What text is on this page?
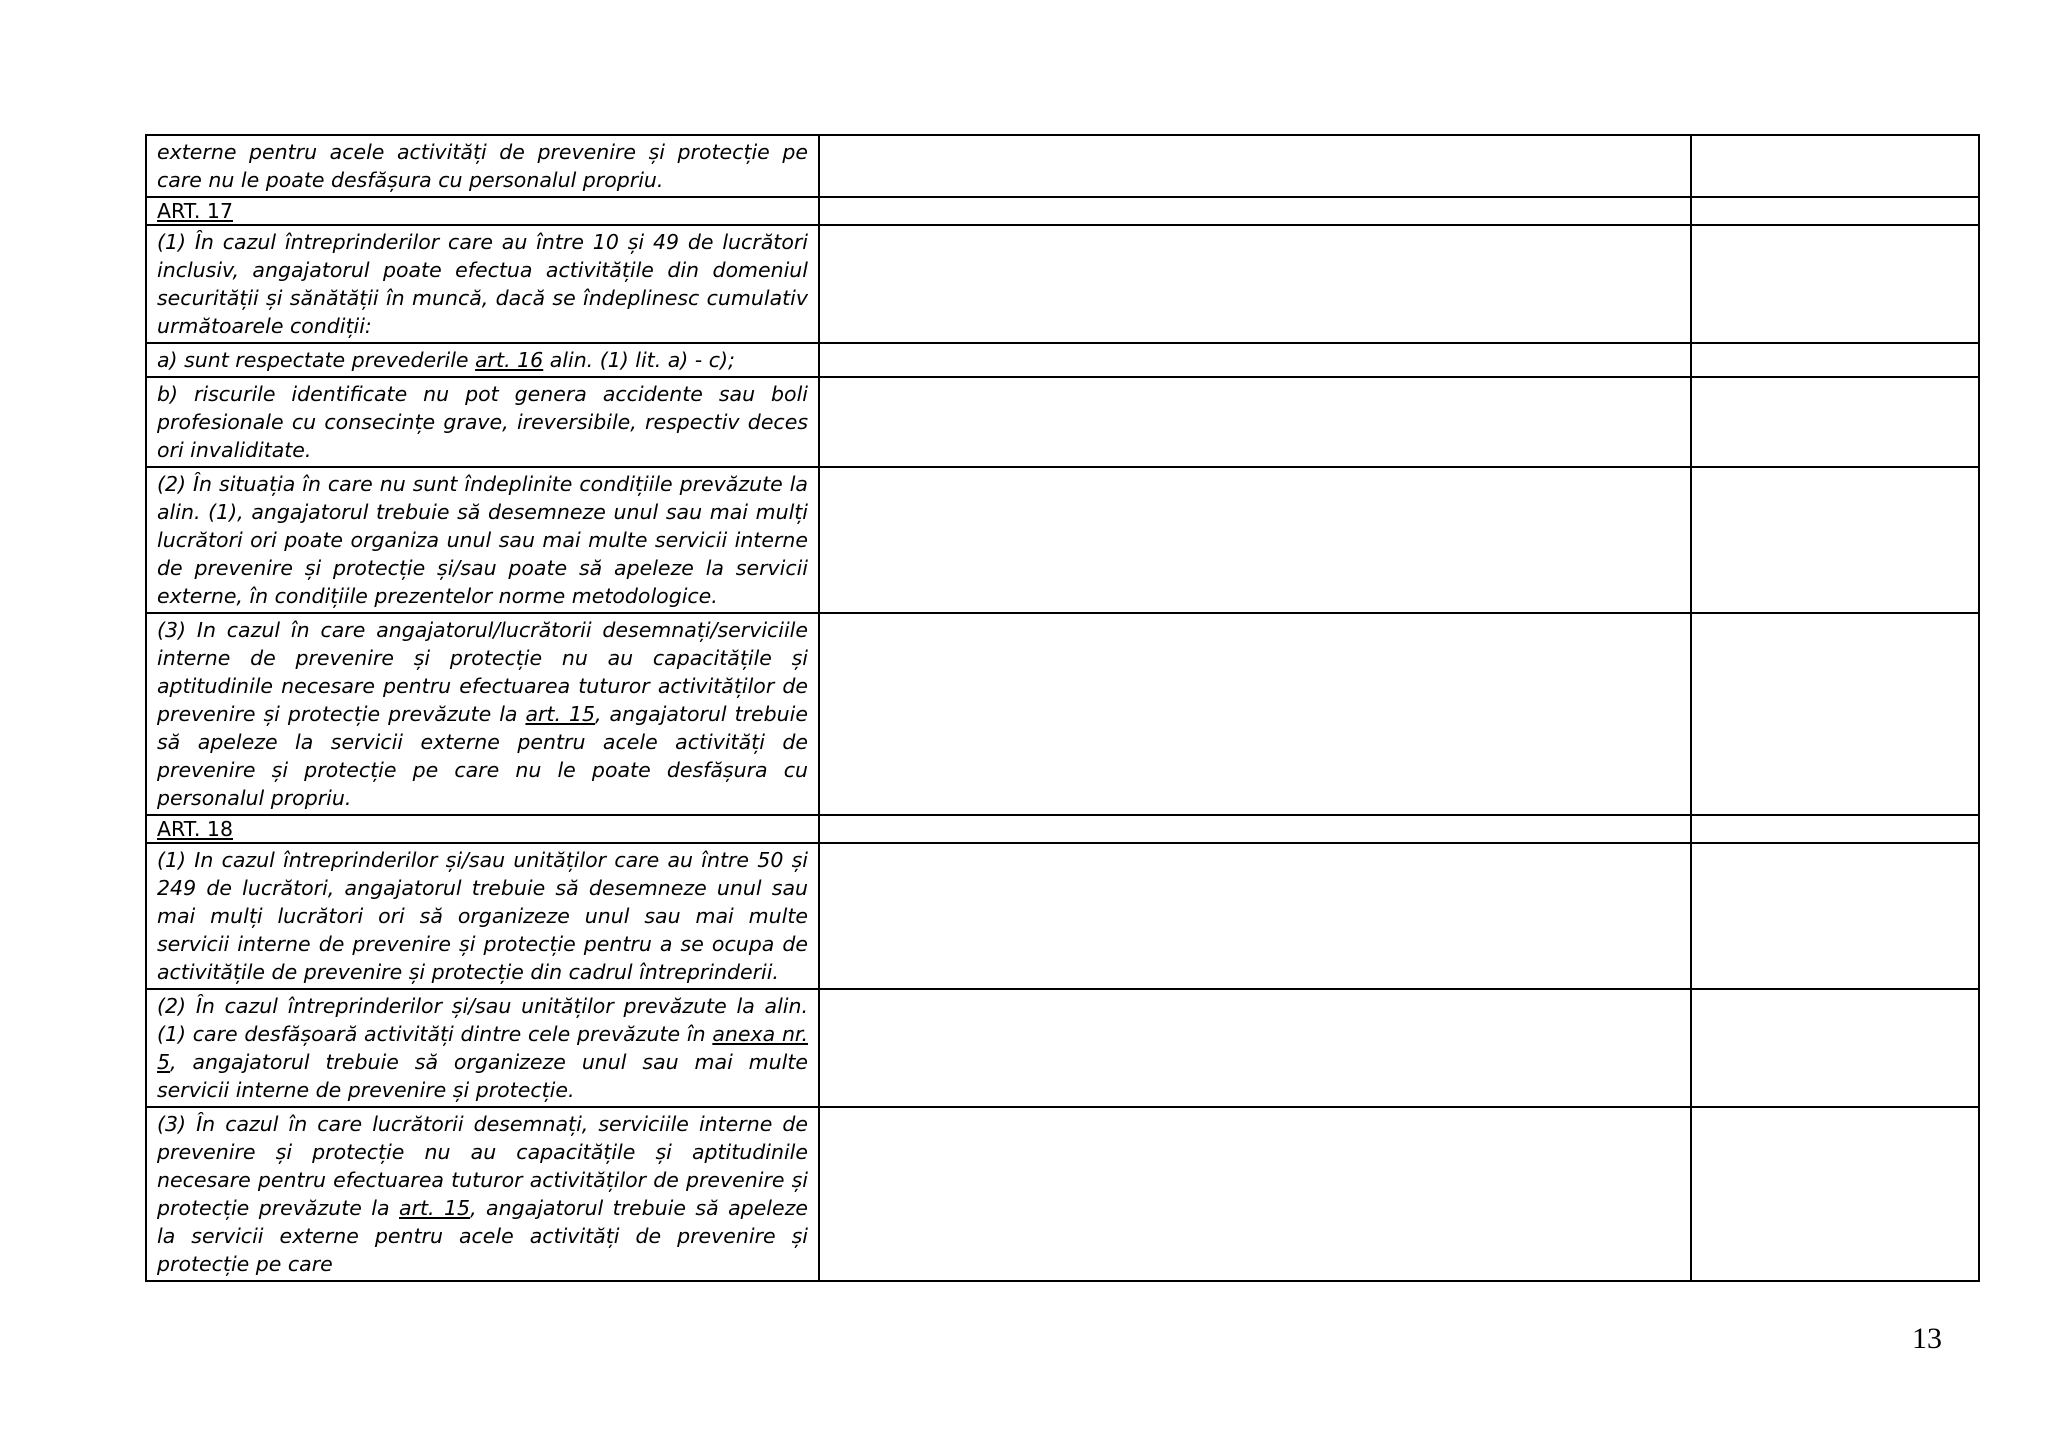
externe pentru acele activități de prevenire și protecție pe care nu le poate desfășura cu personalul propriu.		
ART. 17		
(1) În cazul întreprinderilor care au între 10 și 49 de lucrători inclusiv, angajatorul poate efectua activitățile din domeniul securității și sănătății în muncă, dacă se îndeplinesc cumulativ următoarele condiții:		
a) sunt respectate prevederile art. 16 alin. (1) lit. a) - c);		
b) riscurile identificate nu pot genera accidente sau boli profesionale cu consecințe grave, ireversibile, respectiv deces ori invaliditate.		
(2) În situația în care nu sunt îndeplinite condițiile prevăzute la alin. (1), angajatorul trebuie să desemneze unul sau mai mulți lucrători ori poate organiza unul sau mai multe servicii interne de prevenire și protecție și/sau poate să apeleze la servicii externe, în condițiile prezentelor norme metodologice.		
(3) In cazul în care angajatorul/lucrătorii desemnați/serviciile interne de prevenire și protecție nu au capacitățile și aptitudinile necesare pentru efectuarea tuturor activităților de prevenire și protecție prevăzute la art. 15, angajatorul trebuie să apeleze la servicii externe pentru acele activități de prevenire și protecție pe care nu le poate desfășura cu personalul propriu.		
ART. 18		
(1) In cazul întreprinderilor și/sau unităților care au între 50 și 249 de lucrători, angajatorul trebuie să desemneze unul sau mai mulți lucrători ori să organizeze unul sau mai multe servicii interne de prevenire și protecție pentru a se ocupa de activitățile de prevenire și protecție din cadrul întreprinderii.		
(2) În cazul întreprinderilor și/sau unităților prevăzute la alin. (1) care desfășoară activități dintre cele prevăzute în anexa nr. 5, angajatorul trebuie să organizeze unul sau mai multe servicii interne de prevenire și protecție.		
(3) În cazul în care lucrătorii desemnați, serviciile interne de prevenire și protecție nu au capacitățile și aptitudinile necesare pentru efectuarea tuturor activităților de prevenire și protecție prevăzute la art. 15, angajatorul trebuie să apeleze la servicii externe pentru acele activități de prevenire și protecție pe care		
13
